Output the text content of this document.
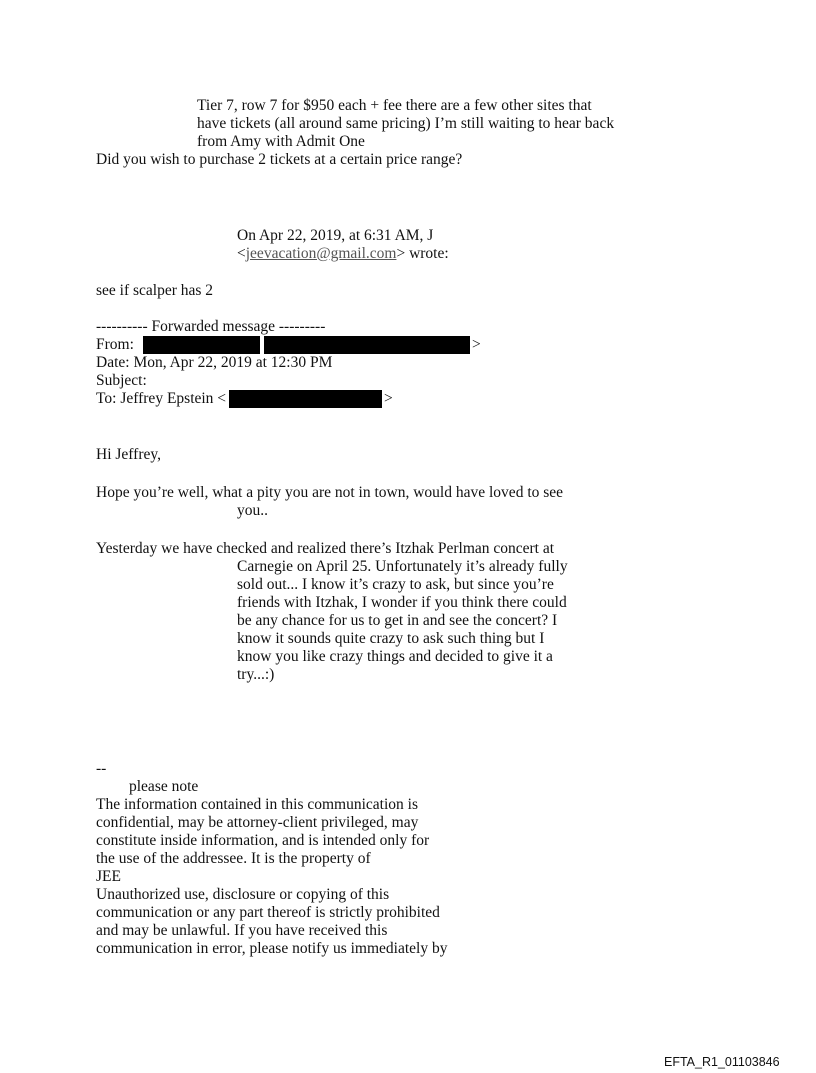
Tier 7, row 7 for $950 each + fee there are a few other sites that
have tickets (all around same pricing) I’m still waiting to hear back
from Amy with Admit One
Did you wish to purchase 2 tickets at a certain price range?
On Apr 22, 2019, at 6:31 AM, J
<jeevacation@gmail.com> wrote:
see if scalper has 2
---------- Forwarded message ---------
From:	>
Date: Mon, Apr 22, 2019 at 12:30 PM
Subject:
To: Jeffrey Epstein <	>
Hi Jeffrey,
Hope you’re well, what a pity you are not in town, would have loved to see
you..
Yesterday we have checked and realized there’s Itzhak Perlman concert at
Carnegie on April 25. Unfortunately it’s already fully
sold out... I know it’s crazy to ask, but since you’re
friends with Itzhak, I wonder if you think there could
be any chance for us to get in and see the concert? I
know it sounds quite crazy to ask such thing but I
know you like crazy things and decided to give it a
try...:)
--
please note
The information contained in this communication is
confidential, may be attorney-client privileged, may
constitute inside information, and is intended only for
the use of the addressee. It is the property of
JEE
Unauthorized use, disclosure or copying of this
communication or any part thereof is strictly prohibited
and may be unlawful. If you have received this
communication in error, please notify us immediately by
EFTA_R1_01103846
